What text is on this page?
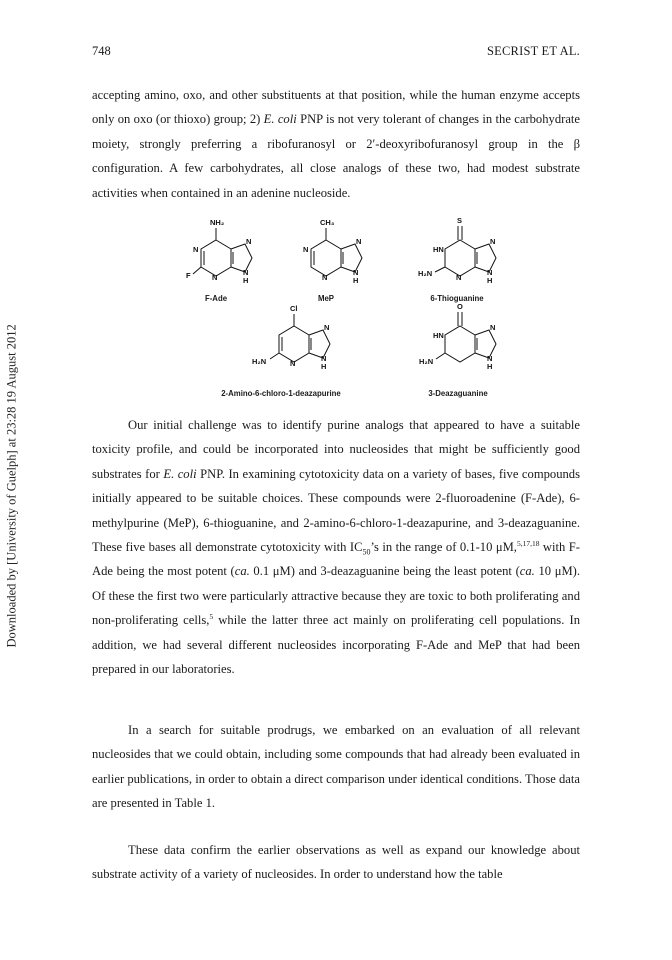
Downloaded by [University of Guelph] at 23:28 19 August 2012
748	SECRIST ET AL.

accepting amino, oxo, and other substituents at that position, while the human enzyme accepts only on oxo (or thioxo) group; 2) E. coli PNP is not very tolerant of changes in the carbohydrate moiety, strongly preferring a ribofuranosyl or 2′-deoxyribofuranosyl group in the β configuration. A few carbohydrates, all close analogs of these two, had modest substrate activities when contained in an adenine nucleoside.

NH₂
N
N
N
N
H
F
CH₃
N
N
N
N
H
S
HN
N
N
N
H
H₂N
Cl
N
N
N
H
H₂N
O
HN
N
N
H
H₂N
F-Ade	MeP	6-Thioguanine
2-Amino-6-chloro-1-deazapurine	3-Deazaguanine

Our initial challenge was to identify purine analogs that appeared to have a suitable toxicity profile, and could be incorporated into nucleosides that might be sufficiently good substrates for E. coli PNP. In examining cytotoxicity data on a variety of bases, five compounds initially appeared to be suitable choices. These compounds were 2-fluoroadenine (F-Ade), 6-methylpurine (MeP), 6-thioguanine, and 2-amino-6-chloro-1-deazapurine, and 3-deazaguanine. These five bases all demonstrate cytotoxicity with $IC_{50}’s$ in the range of 0.1-10 μM,$^{5,17,18}$ with F-Ade being the most potent (ca. 0.1 μM) and 3-deazaguanine being the least potent (ca. 10 μM). Of these the first two were particularly attractive because they are toxic to both proliferating and non-proliferating cells,$^5$ while the latter three act mainly on proliferating cell populations. In addition, we had several different nucleosides incorporating F-Ade and MeP that had been prepared in our laboratories.

In a search for suitable prodrugs, we embarked on an evaluation of all relevant nucleosides that we could obtain, including some compounds that had already been evaluated in earlier publications, in order to obtain a direct comparison under identical conditions. Those data are presented in Table 1.

These data confirm the earlier observations as well as expand our knowledge about substrate activity of a variety of nucleosides. In order to understand how the table
